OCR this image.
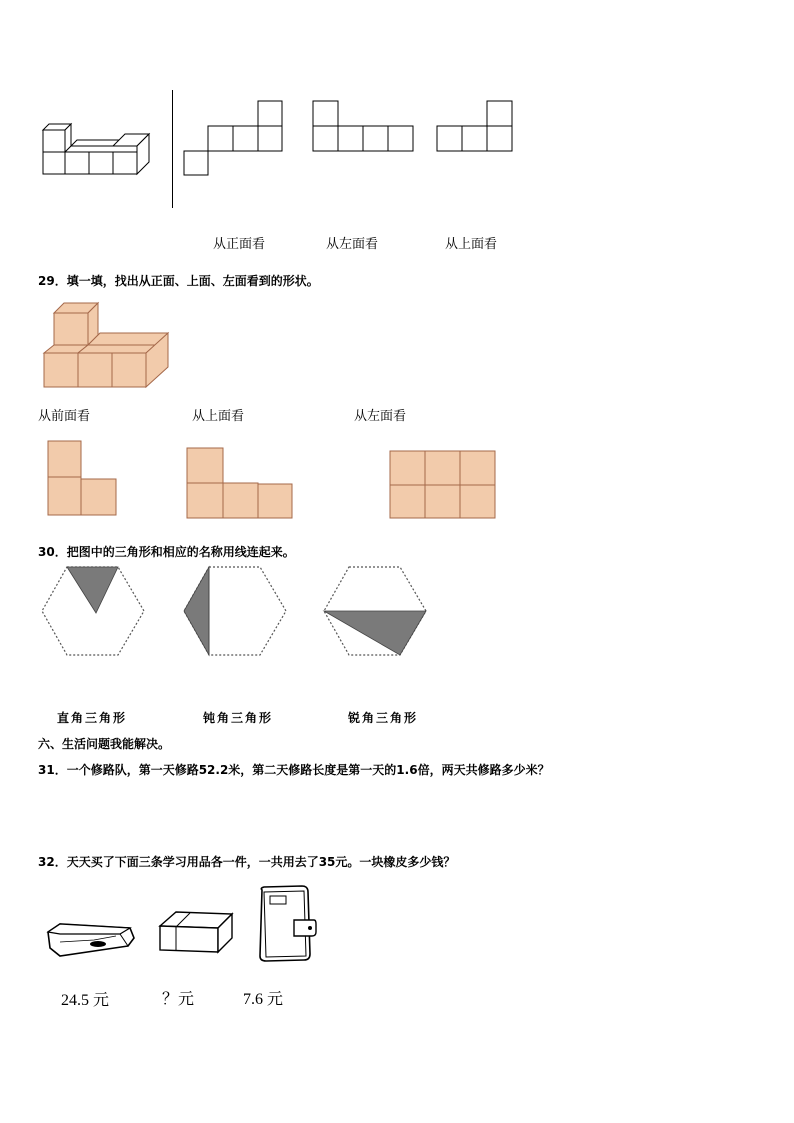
从正面看	从左面看	从上面看
29．填一填，找出从正面、上面、左面看到的形状。
从前面看	从上面看	从左面看
30．把图中的三角形和相应的名称用线连起来。
直角三角形	钝角三角形	锐角三角形
六、生活问题我能解决。
31．一个修路队，第一天修路52.2米，第二天修路长度是第一天的1.6倍，两天共修路多少米？
32．天天买了下面三条学习用品各一件，一共用去了35元。一块橡皮多少钱？
24.5 元	？元	7.6 元
